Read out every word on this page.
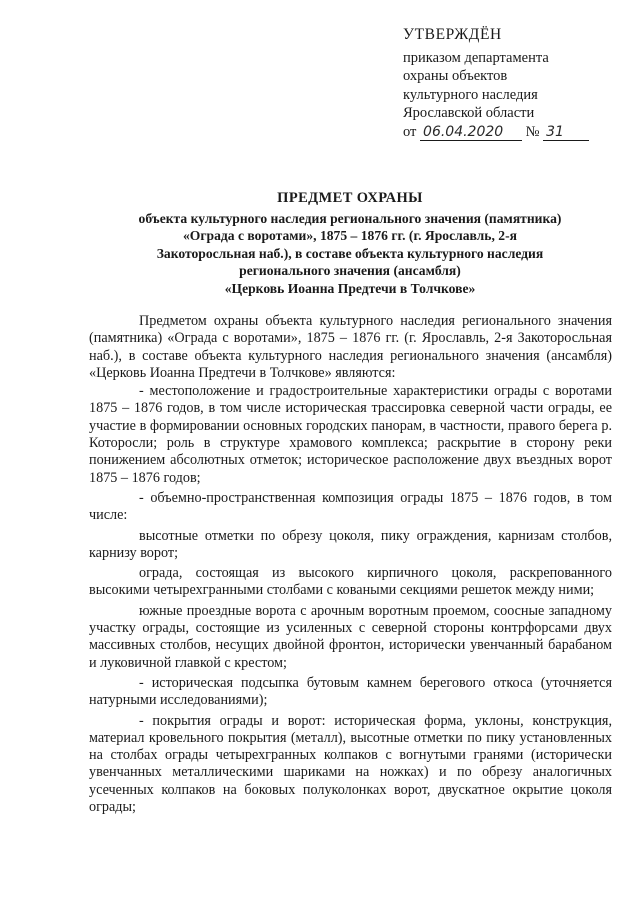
УТВЕРЖДЁН
приказом департамента
охраны объектов
культурного наследия
Ярославской области
от 06.04.2020 № 31
ПРЕДМЕТ ОХРАНЫ
объекта культурного наследия регионального значения (памятника)
«Ограда с воротами», 1875 – 1876 гг. (г. Ярославль, 2-я
Закоторосльная наб.), в составе объекта культурного наследия
регионального значения (ансамбля)
«Церковь Иоанна Предтечи в Толчкове»

Предметом охраны объекта культурного наследия регионального значения (памятника) «Ограда с воротами», 1875 – 1876 гг. (г. Ярославль, 2-я Закоторосльная наб.), в составе объекта культурного наследия регионального значения (ансамбля) «Церковь Иоанна Предтечи в Толчкове» являются:

- местоположение и градостроительные характеристики ограды с воротами 1875 – 1876 годов, в том числе историческая трассировка северной части ограды, ее участие в формировании основных городских панорам, в частности, правого берега р. Которосли; роль в структуре храмового комплекса; раскрытие в сторону реки понижением абсолютных отметок; историческое расположение двух въездных ворот 1875 – 1876 годов;

- объемно-пространственная композиция ограды 1875 – 1876 годов, в том числе:

высотные отметки по обрезу цоколя, пику ограждения, карнизам столбов, карнизу ворот;

ограда, состоящая из высокого кирпичного цоколя, раскрепованного высокими четырехгранными столбами с коваными секциями решеток между ними;

южные проездные ворота с арочным воротным проемом, соосные западному участку ограды, состоящие из усиленных с северной стороны контрфорсами двух массивных столбов, несущих двойной фронтон, исторически увенчанный барабаном и луковичной главкой с крестом;

- историческая подсыпка бутовым камнем берегового откоса (уточняется натурными исследованиями);

- покрытия ограды и ворот: историческая форма, уклоны, конструкция, материал кровельного покрытия (металл), высотные отметки по пику установленных на столбах ограды четырехгранных колпаков с вогнутыми гранями (исторически увенчанных металлическими шариками на ножках) и по обрезу аналогичных усеченных колпаков на боковых полуколонках ворот, двускатное окрытие цоколя ограды;
